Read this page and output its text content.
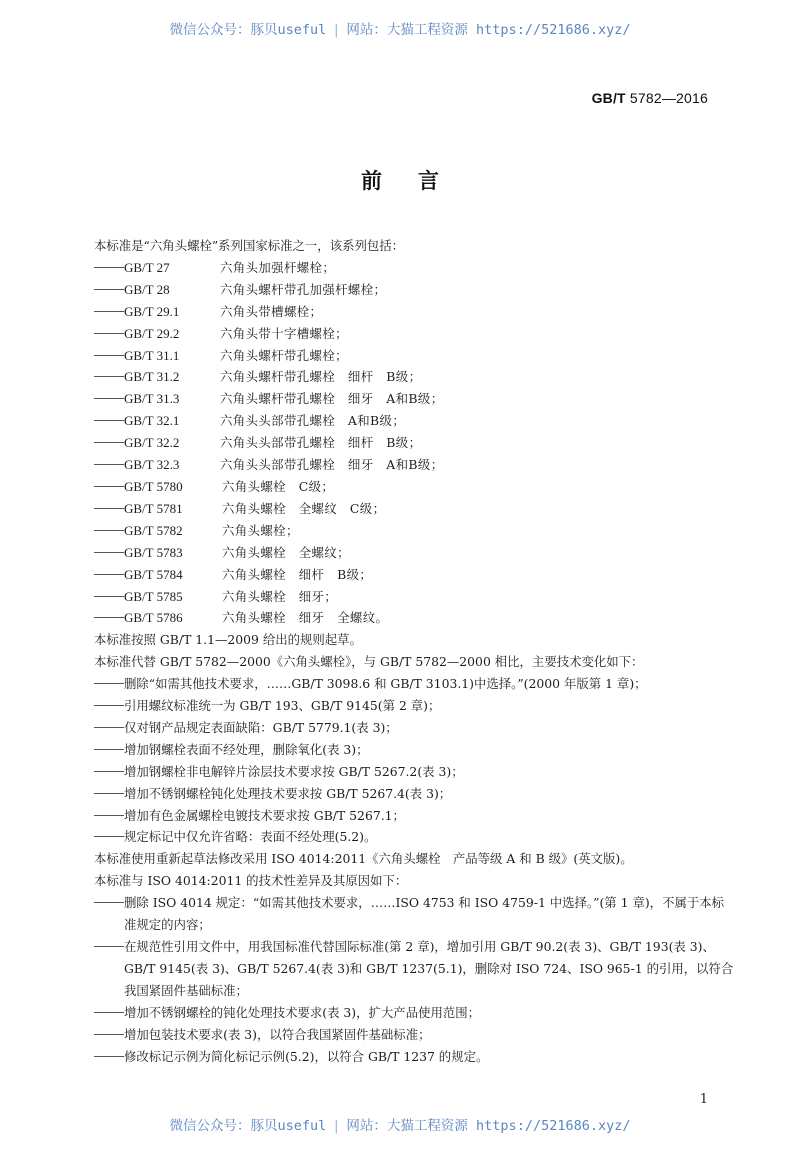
微信公众号：豚贝useful | 网站：大猫工程资源 https://521686.xyz/
GB/T 5782—2016
前言
本标准是“六角头螺栓”系列国家标准之一，该系列包括：
GB/T 27	六角头加强杆螺栓；
GB/T 28	六角头螺杆带孔加强杆螺栓；
GB/T 29.1	六角头带槽螺栓；
GB/T 29.2	六角头带十字槽螺栓；
GB/T 31.1	六角头螺杆带孔螺栓；
GB/T 31.2	六角头螺杆带孔螺栓　细杆　B级；
GB/T 31.3	六角头螺杆带孔螺栓　细牙　A和B级；
GB/T 32.1	六角头头部带孔螺栓　A和B级；
GB/T 32.2	六角头头部带孔螺栓　细杆　B级；
GB/T 32.3	六角头头部带孔螺栓　细牙　A和B级；
GB/T 5780	六角头螺栓　C级；
GB/T 5781	六角头螺栓　全螺纹　C级；
GB/T 5782	六角头螺栓；
GB/T 5783	六角头螺栓　全螺纹；
GB/T 5784	六角头螺栓　细杆　B级；
GB/T 5785	六角头螺栓　细牙；
GB/T 5786	六角头螺栓　细牙　全螺纹。
本标准按照 GB/T 1.1—2009 给出的规则起草。
本标准代替 GB/T 5782—2000《六角头螺栓》，与 GB/T 5782—2000 相比，主要技术变化如下：
删除“如需其他技术要求，……GB/T 3098.6 和 GB/T 3103.1)中选择。”(2000 年版第 1 章)；
引用螺纹标准统一为 GB/T 193、GB/T 9145(第 2 章)；
仅对钢产品规定表面缺陷：GB/T 5779.1(表 3)；
增加钢螺栓表面不经处理，删除氧化(表 3)；
增加钢螺栓非电解锌片涂层技术要求按 GB/T 5267.2(表 3)；
增加不锈钢螺栓钝化处理技术要求按 GB/T 5267.4(表 3)；
增加有色金属螺栓电镀技术要求按 GB/T 5267.1；
规定标记中仅允许省略：表面不经处理(5.2)。
本标准使用重新起草法修改采用 ISO 4014:2011《六角头螺栓　产品等级 A 和 B 级》(英文版)。
本标准与 ISO 4014:2011 的技术性差异及其原因如下：
删除 ISO 4014 规定：“如需其他技术要求，……ISO 4753 和 ISO 4759-1 中选择。”(第 1 章)，不属于本标准规定的内容；
在规范性引用文件中，用我国标准代替国际标准(第 2 章)，增加引用 GB/T 90.2(表 3)、GB/T 193(表 3)、GB/T 9145(表 3)、GB/T 5267.4(表 3)和 GB/T 1237(5.1)，删除对 ISO 724、ISO 965-1 的引用，以符合我国紧固件基础标准；
增加不锈钢螺栓的钝化处理技术要求(表 3)，扩大产品使用范围；
增加包装技术要求(表 3)，以符合我国紧固件基础标准；
修改标记示例为简化标记示例(5.2)，以符合 GB/T 1237 的规定。
1
微信公众号：豚贝useful | 网站：大猫工程资源 https://521686.xyz/
